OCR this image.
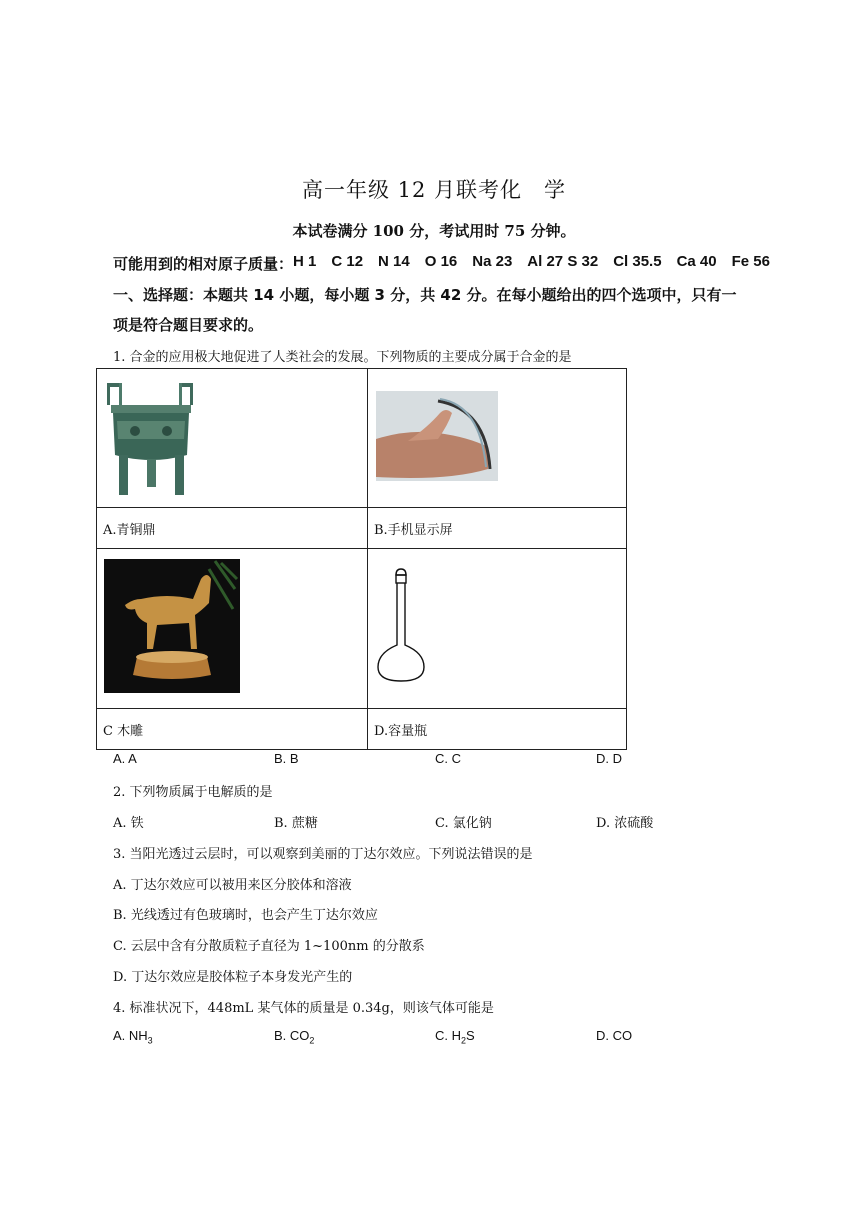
高一年级 12 月联考化　学
本试卷满分 100 分，考试用时 75 分钟。
可能用到的相对原子质量： H 1 C 12 N 14 O 16 Na 23 Al 27 S 32 Cl 35.5 Ca 40 Fe 56
一、选择题：本题共 14 小题，每小题 3 分，共 42 分。在每小题给出的四个选项中，只有一
项是符合题目要求的。
1. 合金的应用极大地促进了人类社会的发展。下列物质的主要成分属于合金的是

A.青铜鼎	B.手机显示屏

C 木雕	D.容量瓶
A. A	B. B	C. C	D. D
2. 下列物质属于电解质的是
A. 铁	B. 蔗糖	C. 氯化钠	D. 浓硫酸
3. 当阳光透过云层时，可以观察到美丽的丁达尔效应。下列说法错误的是
A. 丁达尔效应可以被用来区分胶体和溶液
B. 光线透过有色玻璃时，也会产生丁达尔效应
C. 云层中含有分散质粒子直径为 1~100nm 的分散系
D. 丁达尔效应是胶体粒子本身发光产生的
4. 标准状况下，448mL 某气体的质量是 0.34g，则该气体可能是
A. $NH_3$	B. $CO_2$	C. $H_2S$	D. CO
